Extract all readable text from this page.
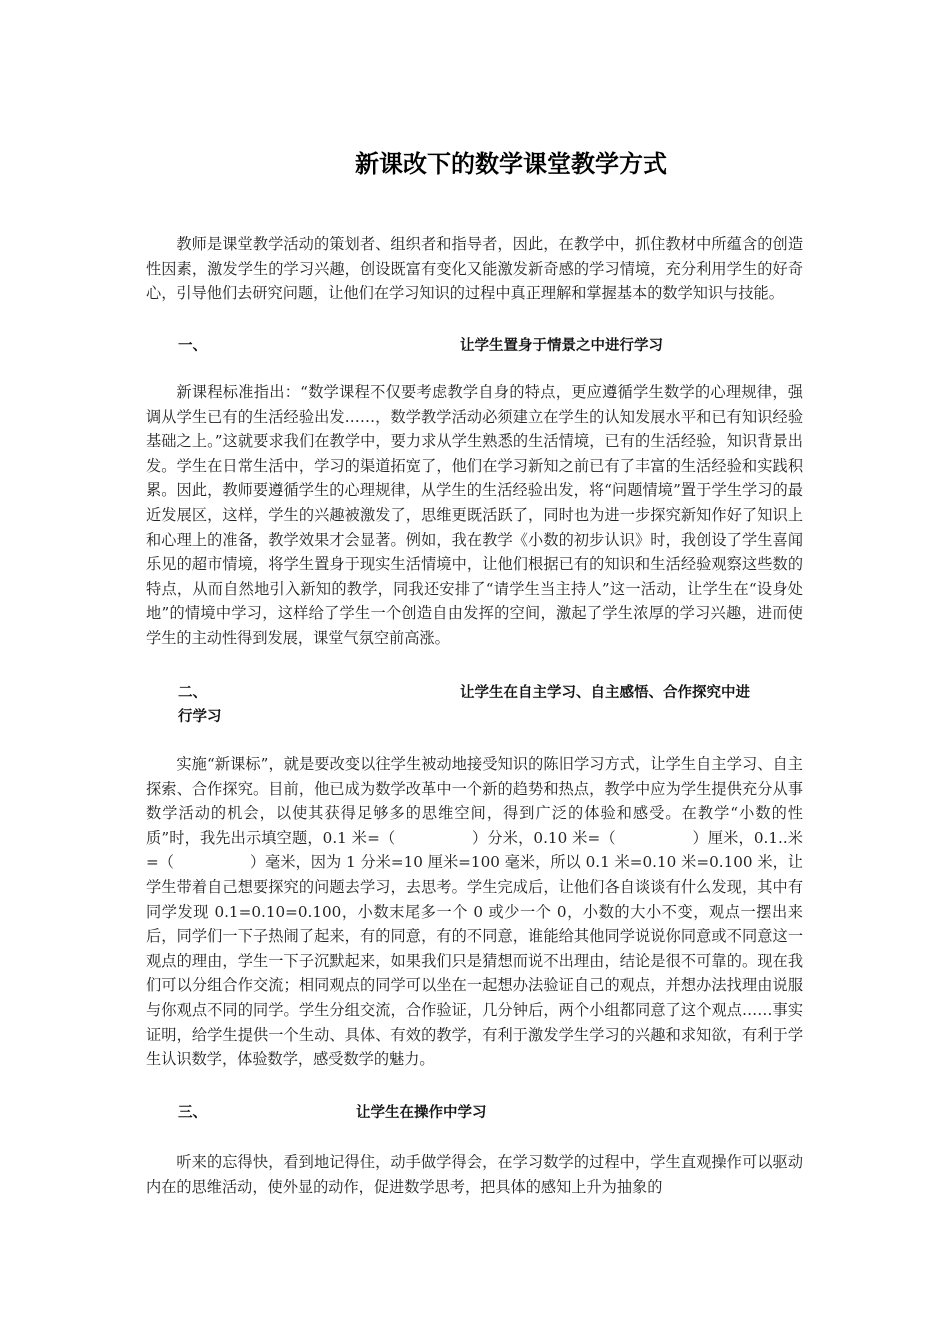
新课改下的数学课堂教学方式
教师是课堂教学活动的策划者、组织者和指导者，因此，在教学中，抓住教材中所蕴含的创造性因素，激发学生的学习兴趣，创设既富有变化又能激发新奇感的学习情境，充分利用学生的好奇心，引导他们去研究问题，让他们在学习知识的过程中真正理解和掌握基本的数学知识与技能。
一、	让学生置身于情景之中进行学习
新课程标准指出：“数学课程不仅要考虑教学自身的特点，更应遵循学生数学的心理规律，强调从学生已有的生活经验出发……，数学教学活动必须建立在学生的认知发展水平和已有知识经验基础之上。”这就要求我们在教学中，要力求从学生熟悉的生活情境，已有的生活经验，知识背景出发。学生在日常生活中，学习的渠道拓宽了，他们在学习新知之前已有了丰富的生活经验和实践积累。因此，教师要遵循学生的心理规律，从学生的生活经验出发，将“问题情境”置于学生学习的最近发展区，这样，学生的兴趣被激发了，思维更既活跃了，同时也为进一步探究新知作好了知识上和心理上的准备，教学效果才会显著。例如，我在教学《小数的初步认识》时，我创设了学生喜闻乐见的超市情境，将学生置身于现实生活情境中，让他们根据已有的知识和生活经验观察这些数的特点，从而自然地引入新知的教学，同我还安排了“请学生当主持人”这一活动，让学生在“设身处地”的情境中学习，这样给了学生一个创造自由发挥的空间，激起了学生浓厚的学习兴趣，进而使学生的主动性得到发展，课堂气氛空前高涨。
二、	让学生在自主学习、自主感悟、合作探究中进
行学习
实施“新课标”，就是要改变以往学生被动地接受知识的陈旧学习方式，让学生自主学习、自主探索、合作探究。目前，他已成为数学改革中一个新的趋势和热点，教学中应为学生提供充分从事数学活动的机会，以使其获得足够多的思维空间，得到广泛的体验和感受。在教学“小数的性质”时，我先出示填空题，0.1 米=（　　　　　）分米，0.10 米=（　　　　　）厘米，0.1..米=（　　　　　）毫米，因为 1 分米=10 厘米=100 毫米，所以 0.1 米=0.10 米=0.100 米，让学生带着自己想要探究的问题去学习，去思考。学生完成后，让他们各自谈谈有什么发现，其中有同学发现 0.1=0.10=0.100，小数末尾多一个 0 或少一个 0，小数的大小不变，观点一摆出来后，同学们一下子热闹了起来，有的同意，有的不同意，谁能给其他同学说说你同意或不同意这一观点的理由，学生一下子沉默起来，如果我们只是猜想而说不出理由，结论是很不可靠的。现在我们可以分组合作交流；相同观点的同学可以坐在一起想办法验证自己的观点，并想办法找理由说服与你观点不同的同学。学生分组交流，合作验证，几分钟后，两个小组都同意了这个观点……事实证明，给学生提供一个生动、具体、有效的教学，有利于激发学生学习的兴趣和求知欲，有利于学生认识数学，体验数学，感受数学的魅力。
三、	让学生在操作中学习
听来的忘得快，看到地记得住，动手做学得会，在学习数学的过程中，学生直观操作可以驱动内在的思维活动，使外显的动作，促进数学思考，把具体的感知上升为抽象的
